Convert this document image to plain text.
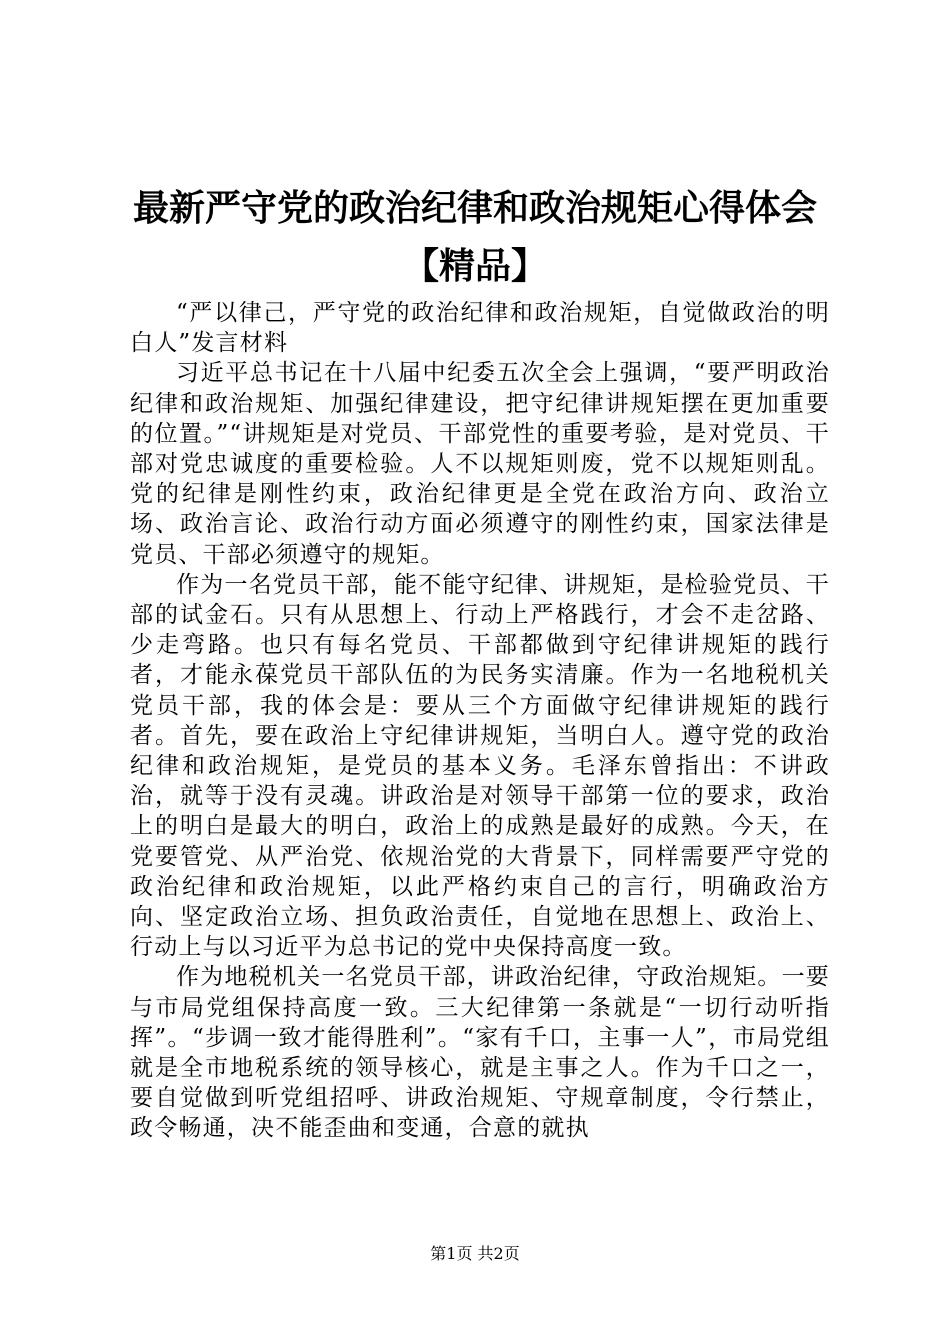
最新严守党的政治纪律和政治规矩心得体会
【精品】

“严以律己，严守党的政治纪律和政治规矩，自觉做政治的明白人”发言材料

习近平总书记在十八届中纪委五次全会上强调，“要严明政治纪律和政治规矩、加强纪律建设，把守纪律讲规矩摆在更加重要的位置。”“讲规矩是对党员、干部党性的重要考验，是对党员、干部对党忠诚度的重要检验。人不以规矩则废，党不以规矩则乱。党的纪律是刚性约束，政治纪律更是全党在政治方向、政治立场、政治言论、政治行动方面必须遵守的刚性约束，国家法律是党员、干部必须遵守的规矩。

作为一名党员干部，能不能守纪律、讲规矩，是检验党员、干部的试金石。只有从思想上、行动上严格践行，才会不走岔路、少走弯路。也只有每名党员、干部都做到守纪律讲规矩的践行者，才能永葆党员干部队伍的为民务实清廉。作为一名地税机关党员干部，我的体会是：要从三个方面做守纪律讲规矩的践行者。首先，要在政治上守纪律讲规矩，当明白人。遵守党的政治纪律和政治规矩，是党员的基本义务。毛泽东曾指出：不讲政治，就等于没有灵魂。讲政治是对领导干部第一位的要求，政治上的明白是最大的明白，政治上的成熟是最好的成熟。今天，在党要管党、从严治党、依规治党的大背景下，同样需要严守党的政治纪律和政治规矩，以此严格约束自己的言行，明确政治方向、坚定政治立场、担负政治责任，自觉地在思想上、政治上、行动上与以习近平为总书记的党中央保持高度一致。

作为地税机关一名党员干部，讲政治纪律，守政治规矩。一要与市局党组保持高度一致。三大纪律第一条就是“一切行动听指挥”。“步调一致才能得胜利”。“家有千口，主事一人”，市局党组就是全市地税系统的领导核心，就是主事之人。作为千口之一，要自觉做到听党组招呼、讲政治规矩、守规章制度，令行禁止，政令畅通，决不能歪曲和变通，合意的就执

第1页 共2页
